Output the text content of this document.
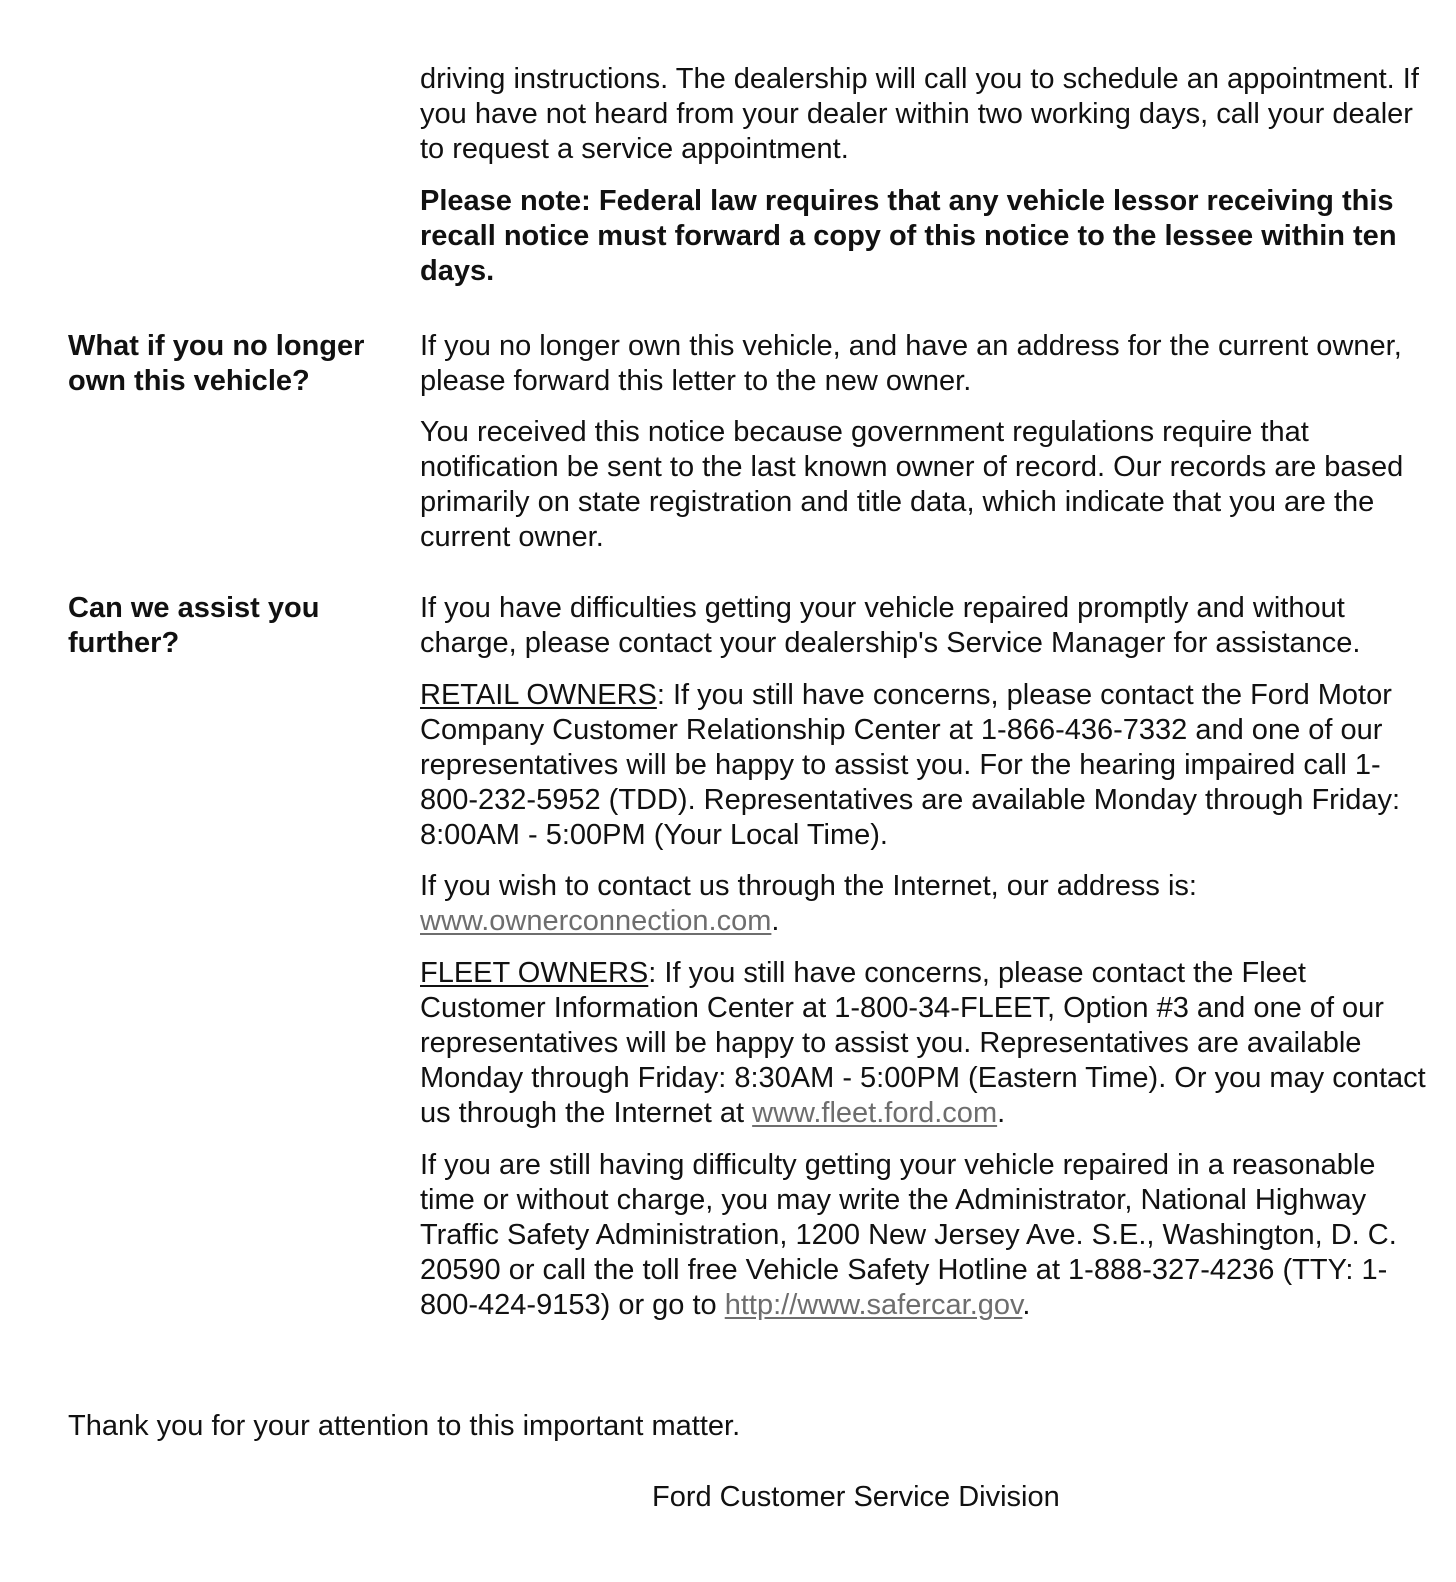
driving instructions. The dealership will call you to schedule an appointment. If you have not heard from your dealer within two working days, call your dealer to request a service appointment.

Please note: Federal law requires that any vehicle lessor receiving this recall notice must forward a copy of this notice to the lessee within ten days.

What if you no longer own this vehicle?

If you no longer own this vehicle, and have an address for the current owner, please forward this letter to the new owner.

You received this notice because government regulations require that notification be sent to the last known owner of record. Our records are based primarily on state registration and title data, which indicate that you are the current owner.

Can we assist you further?

If you have difficulties getting your vehicle repaired promptly and without charge, please contact your dealership's Service Manager for assistance.

RETAIL OWNERS: If you still have concerns, please contact the Ford Motor Company Customer Relationship Center at 1-866-436-7332 and one of our representatives will be happy to assist you. For the hearing impaired call 1-800-232-5952 (TDD). Representatives are available Monday through Friday: 8:00AM - 5:00PM (Your Local Time).

If you wish to contact us through the Internet, our address is: www.ownerconnection.com.

FLEET OWNERS: If you still have concerns, please contact the Fleet Customer Information Center at 1-800-34-FLEET, Option #3 and one of our representatives will be happy to assist you. Representatives are available Monday through Friday: 8:30AM - 5:00PM (Eastern Time). Or you may contact us through the Internet at www.fleet.ford.com.

If you are still having difficulty getting your vehicle repaired in a reasonable time or without charge, you may write the Administrator, National Highway Traffic Safety Administration, 1200 New Jersey Ave. S.E., Washington, D. C. 20590 or call the toll free Vehicle Safety Hotline at 1-888-327-4236 (TTY: 1-800-424-9153) or go to http://www.safercar.gov.

Thank you for your attention to this important matter.

Ford Customer Service Division
